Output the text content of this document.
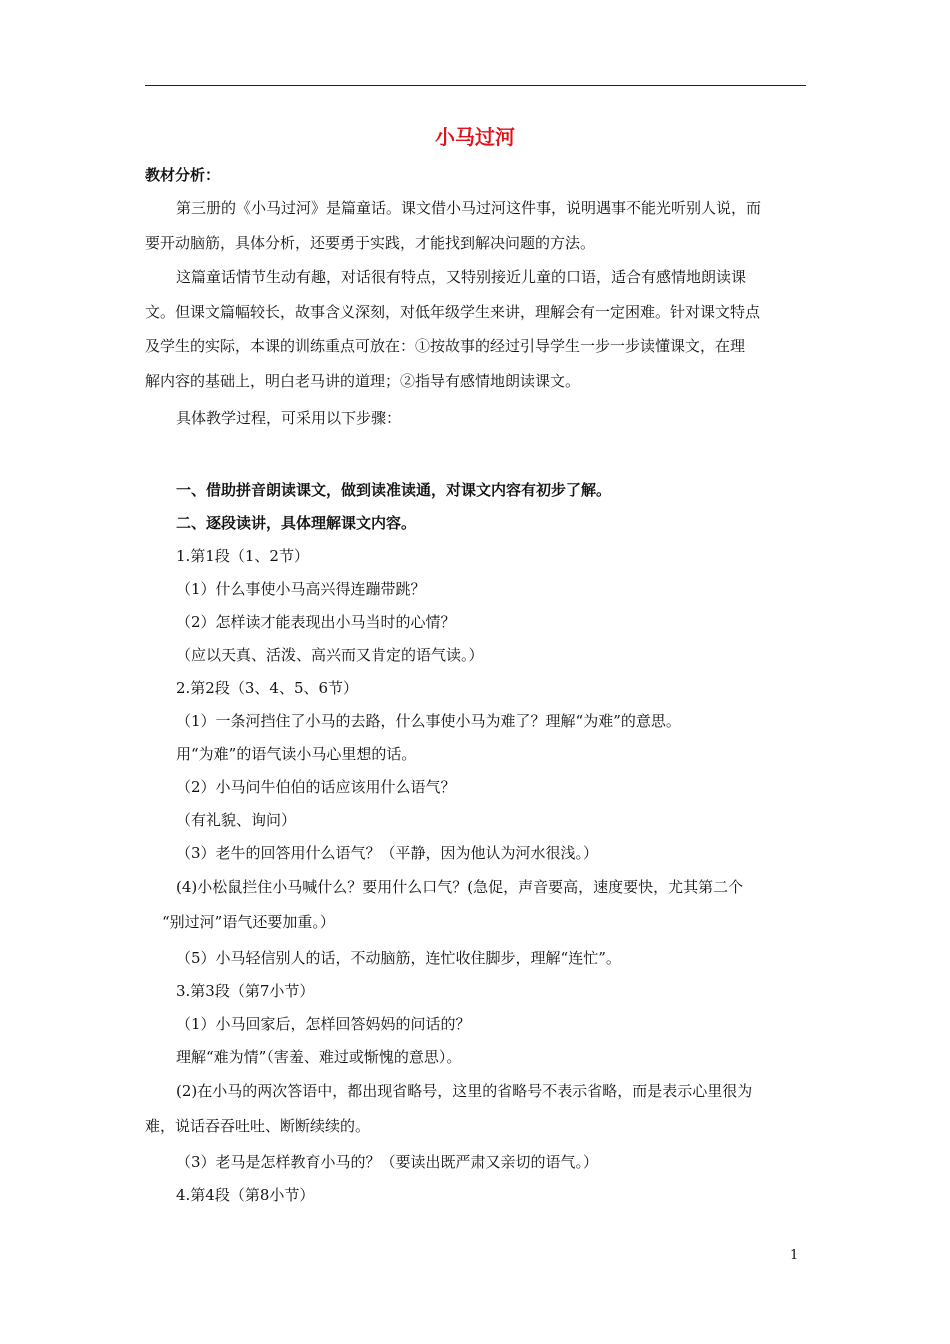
小马过河
教材分析：
第三册的《小马过河》是篇童话。课文借小马过河这件事，说明遇事不能光听别人说，而
要开动脑筋，具体分析，还要勇于实践，才能找到解决问题的方法。
这篇童话情节生动有趣，对话很有特点，又特别接近儿童的口语，适合有感情地朗读课
文。但课文篇幅较长，故事含义深刻，对低年级学生来讲，理解会有一定困难。针对课文特点
及学生的实际，本课的训练重点可放在：①按故事的经过引导学生一步一步读懂课文，在理
解内容的基础上，明白老马讲的道理；②指导有感情地朗读课文。
具体教学过程，可采用以下步骤：
一、借助拼音朗读课文，做到读准读通，对课文内容有初步了解。
二、逐段读讲，具体理解课文内容。
1.第1段（1、2节）
（1）什么事使小马高兴得连蹦带跳？
（2）怎样读才能表现出小马当时的心情？
（应以天真、活泼、高兴而又肯定的语气读。）
2.第2段（3、4、5、6节）
（1）一条河挡住了小马的去路，什么事使小马为难了？理解“为难”的意思。
用“为难”的语气读小马心里想的话。
（2）小马问牛伯伯的话应该用什么语气？
（有礼貌、询问）
（3）老牛的回答用什么语气？（平静，因为他认为河水很浅。）
(4)小松鼠拦住小马喊什么？要用什么口气？(急促，声音要高，速度要快，尤其第二个
“别过河”语气还要加重。）
（5）小马轻信别人的话，不动脑筋，连忙收住脚步，理解“连忙”。
3.第3段（第7小节）
（1）小马回家后，怎样回答妈妈的问话的？
理解“难为情”（害羞、难过或惭愧的意思）。
(2)在小马的两次答语中，都出现省略号，这里的省略号不表示省略，而是表示心里很为
难，说话吞吞吐吐、断断续续的。
（3）老马是怎样教育小马的？（要读出既严肃又亲切的语气。）
4.第4段（第8小节）
1
